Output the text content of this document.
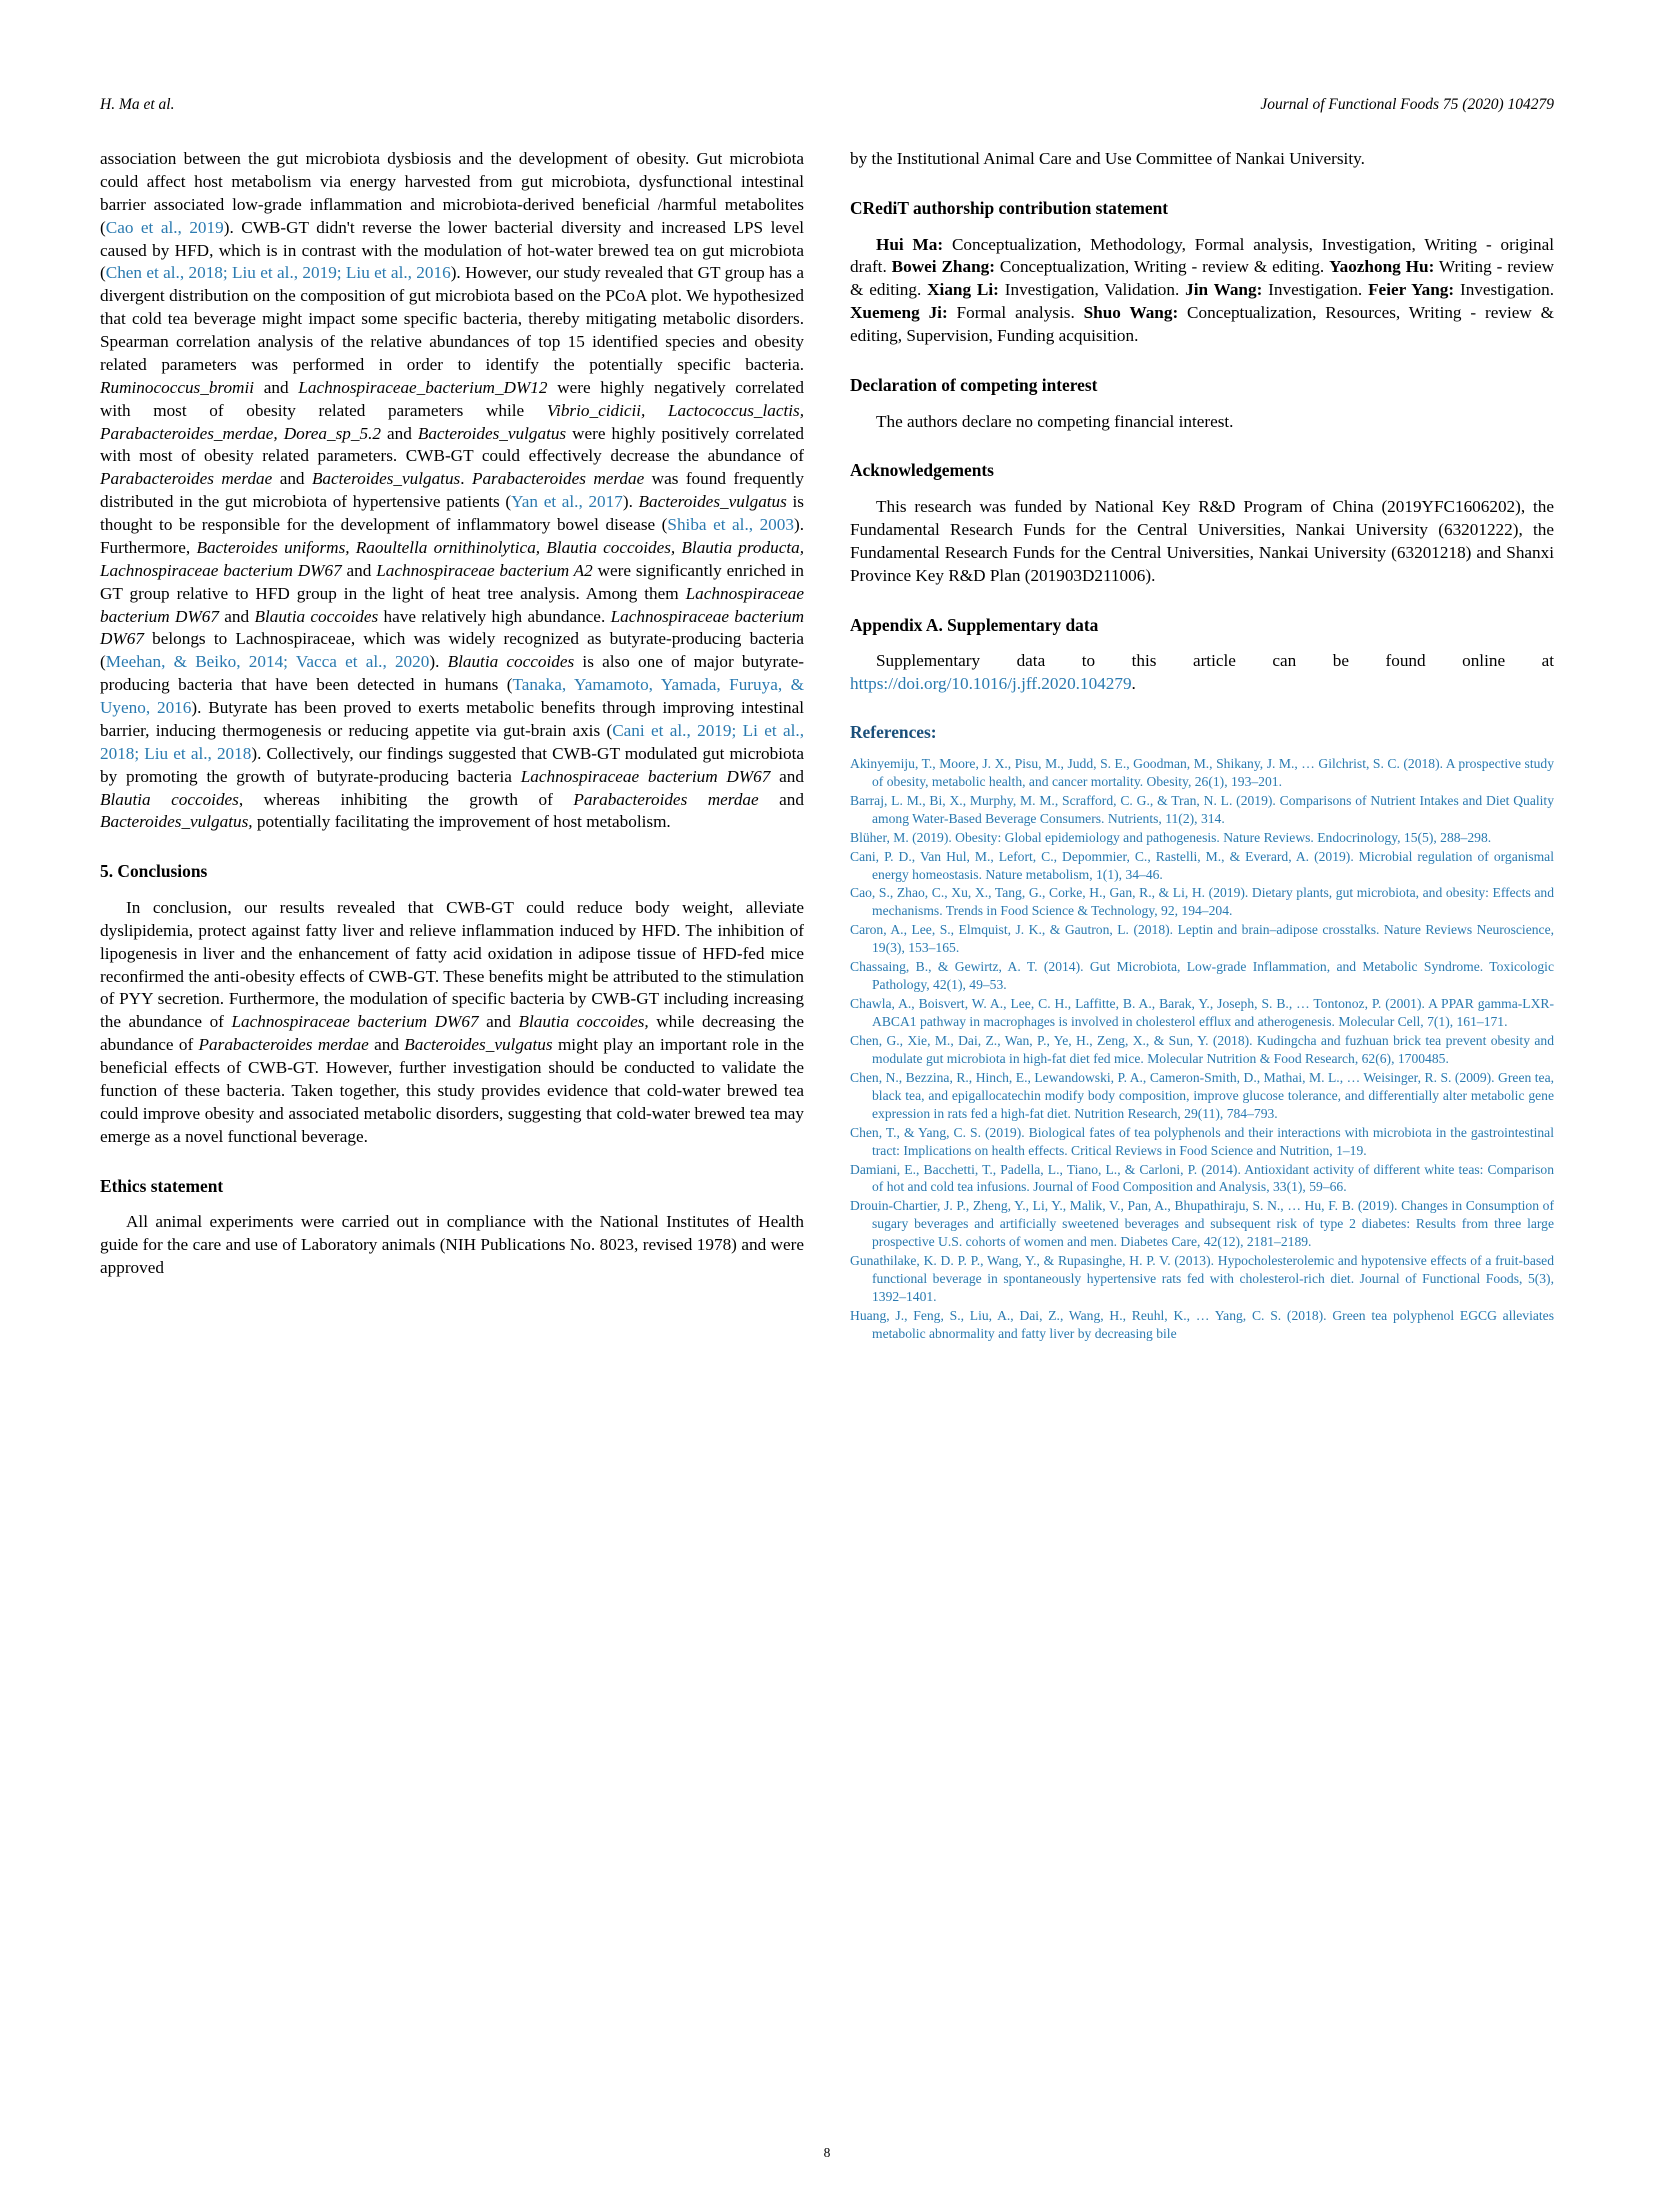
H. Ma et al.	Journal of Functional Foods 75 (2020) 104279

association between the gut microbiota dysbiosis and the development of obesity. Gut microbiota could affect host metabolism via energy harvested from gut microbiota, dysfunctional intestinal barrier associated low-grade inflammation and microbiota-derived beneficial /harmful metabolites (Cao et al., 2019). CWB-GT didn't reverse the lower bacterial diversity and increased LPS level caused by HFD, which is in contrast with the modulation of hot-water brewed tea on gut microbiota (Chen et al., 2018; Liu et al., 2019; Liu et al., 2016). However, our study revealed that GT group has a divergent distribution on the composition of gut microbiota based on the PCoA plot. We hypothesized that cold tea beverage might impact some specific bacteria, thereby mitigating metabolic disorders. Spearman correlation analysis of the relative abundances of top 15 identified species and obesity related parameters was performed in order to identify the potentially specific bacteria. Ruminococcus_bromii and Lachnospiraceae_bacterium_DW12 were highly negatively correlated with most of obesity related parameters while Vibrio_cidicii, Lactococcus_lactis, Parabacteroides_merdae, Dorea_sp_5.2 and Bacteroides_vulgatus were highly positively correlated with most of obesity related parameters. CWB-GT could effectively decrease the abundance of Parabacteroides merdae and Bacteroides_vulgatus. Parabacteroides merdae was found frequently distributed in the gut microbiota of hypertensive patients (Yan et al., 2017). Bacteroides_vulgatus is thought to be responsible for the development of inflammatory bowel disease (Shiba et al., 2003). Furthermore, Bacteroides uniforms, Raoultella ornithinolytica, Blautia coccoides, Blautia producta, Lachnospiraceae bacterium DW67 and Lachnospiraceae bacterium A2 were significantly enriched in GT group relative to HFD group in the light of heat tree analysis. Among them Lachnospiraceae bacterium DW67 and Blautia coccoides have relatively high abundance. Lachnospiraceae bacterium DW67 belongs to Lachnospiraceae, which was widely recognized as butyrate-producing bacteria (Meehan, & Beiko, 2014; Vacca et al., 2020). Blautia coccoides is also one of major butyrate-producing bacteria that have been detected in humans (Tanaka, Yamamoto, Yamada, Furuya, & Uyeno, 2016). Butyrate has been proved to exerts metabolic benefits through improving intestinal barrier, inducing thermogenesis or reducing appetite via gut-brain axis (Cani et al., 2019; Li et al., 2018; Liu et al., 2018). Collectively, our findings suggested that CWB-GT modulated gut microbiota by promoting the growth of butyrate-producing bacteria Lachnospiraceae bacterium DW67 and Blautia coccoides, whereas inhibiting the growth of Parabacteroides merdae and Bacteroides_vulgatus, potentially facilitating the improvement of host metabolism.

5. Conclusions

In conclusion, our results revealed that CWB-GT could reduce body weight, alleviate dyslipidemia, protect against fatty liver and relieve inflammation induced by HFD. The inhibition of lipogenesis in liver and the enhancement of fatty acid oxidation in adipose tissue of HFD-fed mice reconfirmed the anti-obesity effects of CWB-GT. These benefits might be attributed to the stimulation of PYY secretion. Furthermore, the modulation of specific bacteria by CWB-GT including increasing the abundance of Lachnospiraceae bacterium DW67 and Blautia coccoides, while decreasing the abundance of Parabacteroides merdae and Bacteroides_vulgatus might play an important role in the beneficial effects of CWB-GT. However, further investigation should be conducted to validate the function of these bacteria. Taken together, this study provides evidence that cold-water brewed tea could improve obesity and associated metabolic disorders, suggesting that cold-water brewed tea may emerge as a novel functional beverage.

Ethics statement

All animal experiments were carried out in compliance with the National Institutes of Health guide for the care and use of Laboratory animals (NIH Publications No. 8023, revised 1978) and were approved

by the Institutional Animal Care and Use Committee of Nankai University.

CRediT authorship contribution statement

Hui Ma: Conceptualization, Methodology, Formal analysis, Investigation, Writing - original draft. Bowei Zhang: Conceptualization, Writing - review & editing. Yaozhong Hu: Writing - review & editing. Xiang Li: Investigation, Validation. Jin Wang: Investigation. Feier Yang: Investigation. Xuemeng Ji: Formal analysis. Shuo Wang: Conceptualization, Resources, Writing - review & editing, Supervision, Funding acquisition.

Declaration of competing interest

The authors declare no competing financial interest.

Acknowledgements

This research was funded by National Key R&D Program of China (2019YFC1606202), the Fundamental Research Funds for the Central Universities, Nankai University (63201222), the Fundamental Research Funds for the Central Universities, Nankai University (63201218) and Shanxi Province Key R&D Plan (201903D211006).

Appendix A. Supplementary data

Supplementary data to this article can be found online at https://doi.org/10.1016/j.jff.2020.104279.

References:
Akinyemiju, T., Moore, J. X., Pisu, M., Judd, S. E., Goodman, M., Shikany, J. M., … Gilchrist, S. C. (2018). A prospective study of obesity, metabolic health, and cancer mortality. Obesity, 26(1), 193–201.
Barraj, L. M., Bi, X., Murphy, M. M., Scrafford, C. G., & Tran, N. L. (2019). Comparisons of Nutrient Intakes and Diet Quality among Water-Based Beverage Consumers. Nutrients, 11(2), 314.
Blüher, M. (2019). Obesity: Global epidemiology and pathogenesis. Nature Reviews. Endocrinology, 15(5), 288–298.
Cani, P. D., Van Hul, M., Lefort, C., Depommier, C., Rastelli, M., & Everard, A. (2019). Microbial regulation of organismal energy homeostasis. Nature metabolism, 1(1), 34–46.
Cao, S., Zhao, C., Xu, X., Tang, G., Corke, H., Gan, R., & Li, H. (2019). Dietary plants, gut microbiota, and obesity: Effects and mechanisms. Trends in Food Science & Technology, 92, 194–204.
Caron, A., Lee, S., Elmquist, J. K., & Gautron, L. (2018). Leptin and brain–adipose crosstalks. Nature Reviews Neuroscience, 19(3), 153–165.
Chassaing, B., & Gewirtz, A. T. (2014). Gut Microbiota, Low-grade Inflammation, and Metabolic Syndrome. Toxicologic Pathology, 42(1), 49–53.
Chawla, A., Boisvert, W. A., Lee, C. H., Laffitte, B. A., Barak, Y., Joseph, S. B., … Tontonoz, P. (2001). A PPAR gamma-LXR-ABCA1 pathway in macrophages is involved in cholesterol efflux and atherogenesis. Molecular Cell, 7(1), 161–171.
Chen, G., Xie, M., Dai, Z., Wan, P., Ye, H., Zeng, X., & Sun, Y. (2018). Kudingcha and fuzhuan brick tea prevent obesity and modulate gut microbiota in high-fat diet fed mice. Molecular Nutrition & Food Research, 62(6), 1700485.
Chen, N., Bezzina, R., Hinch, E., Lewandowski, P. A., Cameron-Smith, D., Mathai, M. L., … Weisinger, R. S. (2009). Green tea, black tea, and epigallocatechin modify body composition, improve glucose tolerance, and differentially alter metabolic gene expression in rats fed a high-fat diet. Nutrition Research, 29(11), 784–793.
Chen, T., & Yang, C. S. (2019). Biological fates of tea polyphenols and their interactions with microbiota in the gastrointestinal tract: Implications on health effects. Critical Reviews in Food Science and Nutrition, 1–19.
Damiani, E., Bacchetti, T., Padella, L., Tiano, L., & Carloni, P. (2014). Antioxidant activity of different white teas: Comparison of hot and cold tea infusions. Journal of Food Composition and Analysis, 33(1), 59–66.
Drouin-Chartier, J. P., Zheng, Y., Li, Y., Malik, V., Pan, A., Bhupathiraju, S. N., … Hu, F. B. (2019). Changes in Consumption of sugary beverages and artificially sweetened beverages and subsequent risk of type 2 diabetes: Results from three large prospective U.S. cohorts of women and men. Diabetes Care, 42(12), 2181–2189.
Gunathilake, K. D. P. P., Wang, Y., & Rupasinghe, H. P. V. (2013). Hypocholesterolemic and hypotensive effects of a fruit-based functional beverage in spontaneously hypertensive rats fed with cholesterol-rich diet. Journal of Functional Foods, 5(3), 1392–1401.
Huang, J., Feng, S., Liu, A., Dai, Z., Wang, H., Reuhl, K., … Yang, C. S. (2018). Green tea polyphenol EGCG alleviates metabolic abnormality and fatty liver by decreasing bile
8
